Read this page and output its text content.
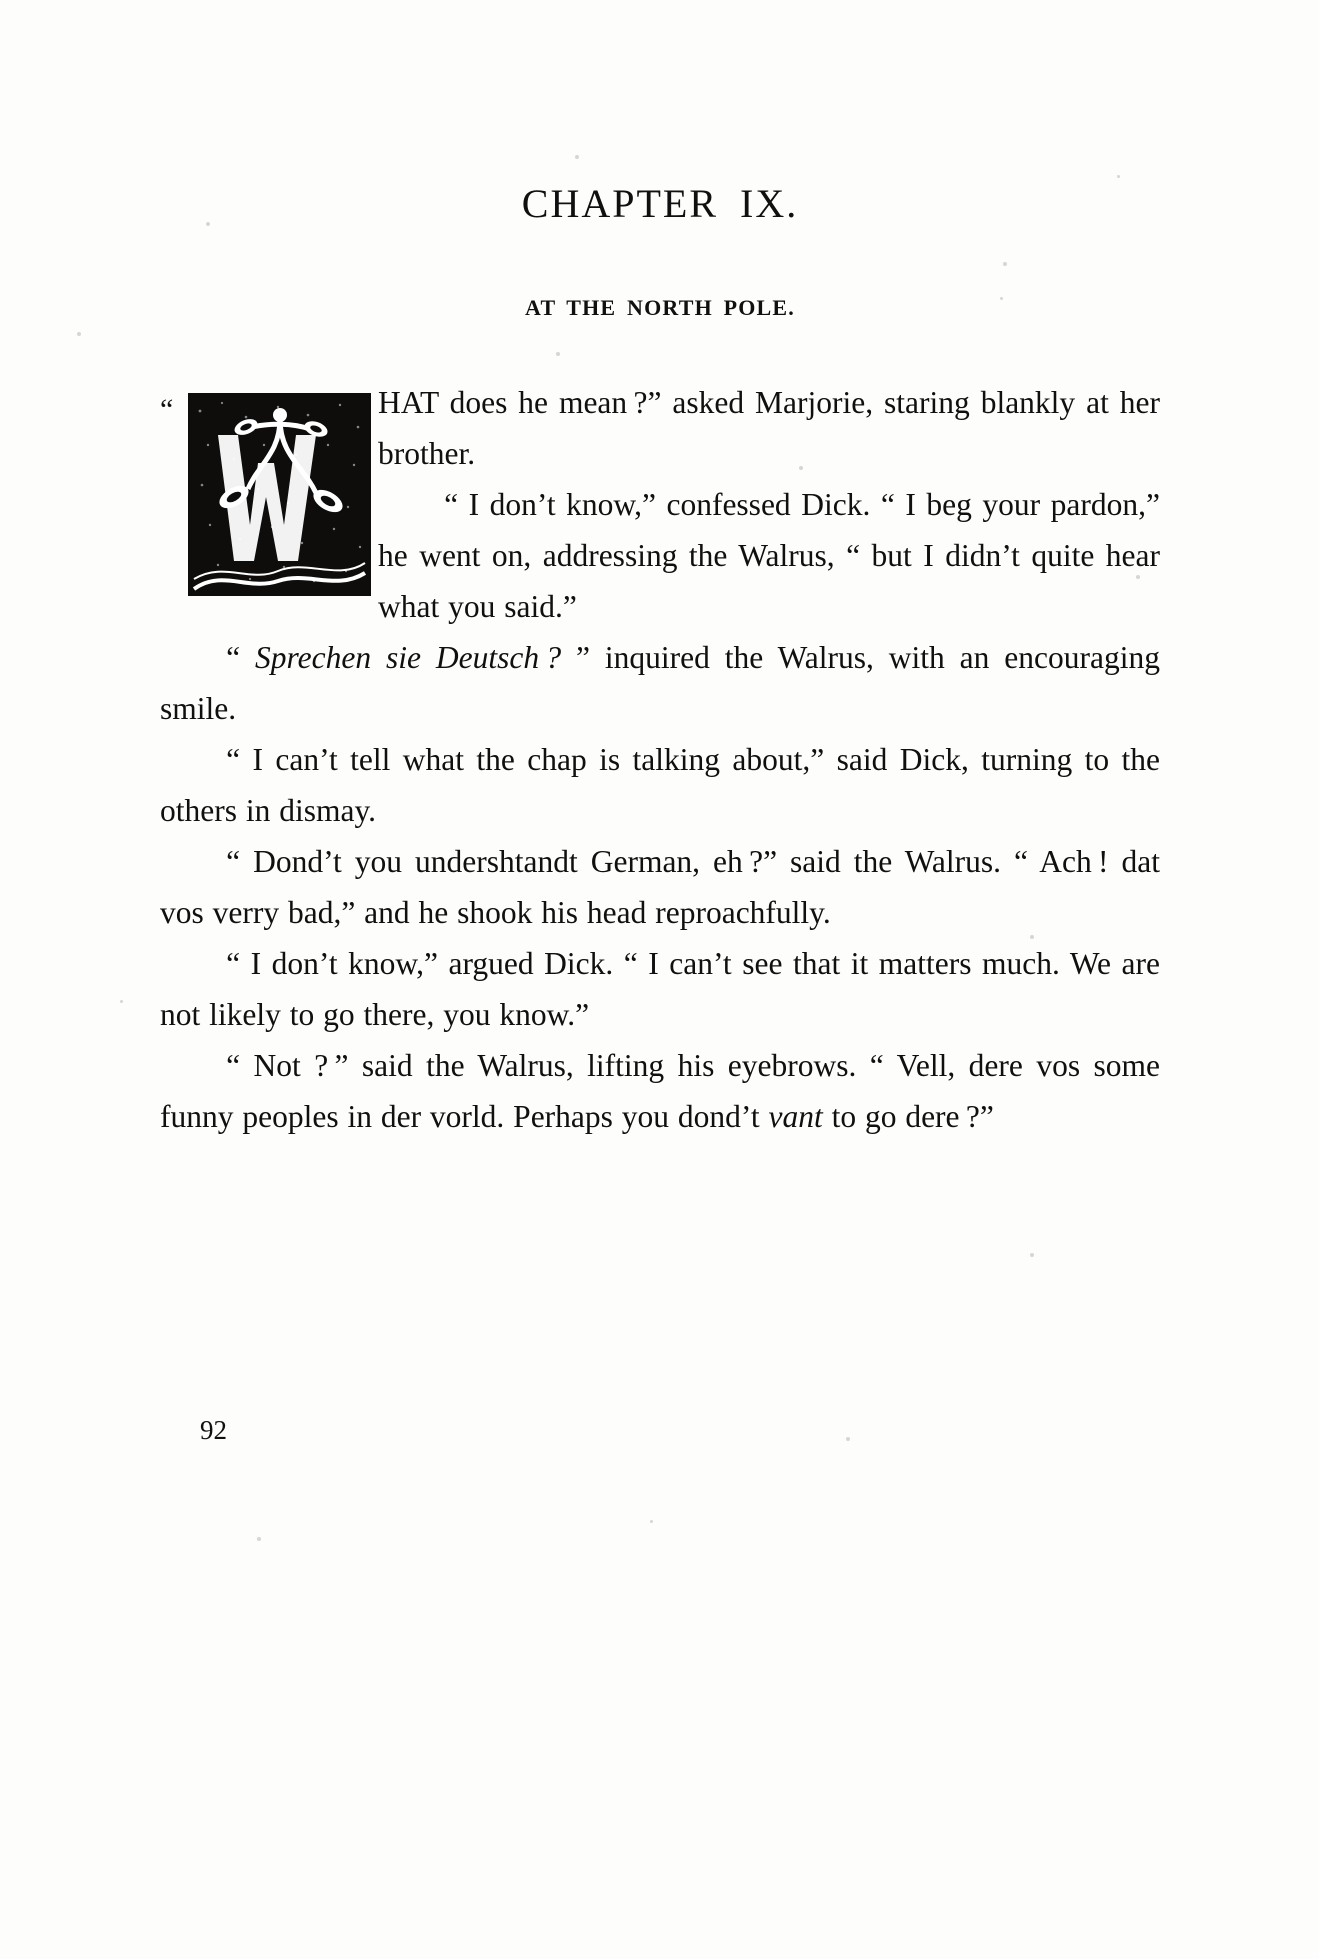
CHAPTER IX.
AT THE NORTH POLE.

“	HAT does he mean ?” asked Marjorie, staring blankly at her brother.

“ I don’t know,” confessed Dick. “ I beg your pardon,” he went on, addressing the Walrus, “ but I didn’t quite hear what you said.”

“ Sprechen sie Deutsch ? ” inquired the Walrus, with an encouraging smile.

“ I can’t tell what the chap is talking about,” said Dick, turning to the others in dismay.

“ Dond’t you undershtandt German, eh ?” said the Walrus. “ Ach ! dat vos verry bad,” and he shook his head reproachfully.

“ I don’t know,” argued Dick. “ I can’t see that it matters much. We are not likely to go there, you know.”

“ Not ? ” said the Walrus, lifting his eyebrows. “ Vell, dere vos some funny peoples in der vorld. Perhaps you dond’t vant to go dere ?”

92
